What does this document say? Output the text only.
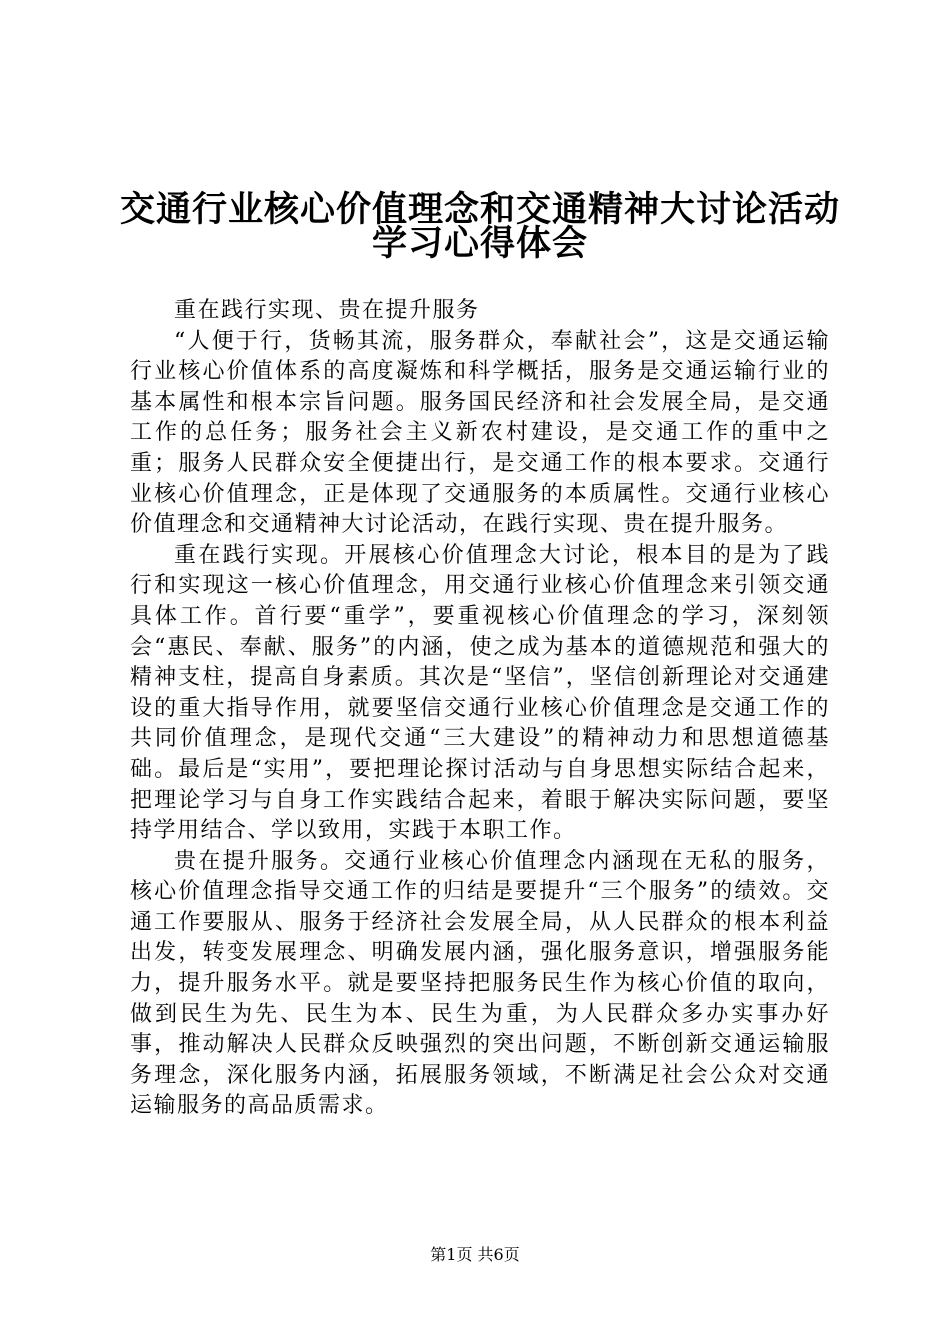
交通行业核心价值理念和交通精神大讨论活动
学习心得体会

重在践行实现、贵在提升服务

“人便于行，货畅其流，服务群众，奉献社会”，这是交通运输行业核心价值体系的高度凝炼和科学概括，服务是交通运输行业的基本属性和根本宗旨问题。服务国民经济和社会发展全局，是交通工作的总任务；服务社会主义新农村建设，是交通工作的重中之重；服务人民群众安全便捷出行，是交通工作的根本要求。交通行业核心价值理念，正是体现了交通服务的本质属性。交通行业核心价值理念和交通精神大讨论活动，在践行实现、贵在提升服务。

重在践行实现。开展核心价值理念大讨论，根本目的是为了践行和实现这一核心价值理念，用交通行业核心价值理念来引领交通具体工作。首行要“重学”，要重视核心价值理念的学习，深刻领会“惠民、奉献、服务”的内涵，使之成为基本的道德规范和强大的精神支柱，提高自身素质。其次是“坚信”，坚信创新理论对交通建设的重大指导作用，就要坚信交通行业核心价值理念是交通工作的共同价值理念，是现代交通“三大建设”的精神动力和思想道德基础。最后是“实用”，要把理论探讨活动与自身思想实际结合起来，把理论学习与自身工作实践结合起来，着眼于解决实际问题，要坚持学用结合、学以致用，实践于本职工作。

贵在提升服务。交通行业核心价值理念内涵现在无私的服务，核心价值理念指导交通工作的归结是要提升“三个服务”的绩效。交通工作要服从、服务于经济社会发展全局，从人民群众的根本利益出发，转变发展理念、明确发展内涵，强化服务意识，增强服务能力，提升服务水平。就是要坚持把服务民生作为核心价值的取向，做到民生为先、民生为本、民生为重，为人民群众多办实事办好事，推动解决人民群众反映强烈的突出问题，不断创新交通运输服务理念，深化服务内涵，拓展服务领域，不断满足社会公众对交通运输服务的高品质需求。

第1页 共6页
